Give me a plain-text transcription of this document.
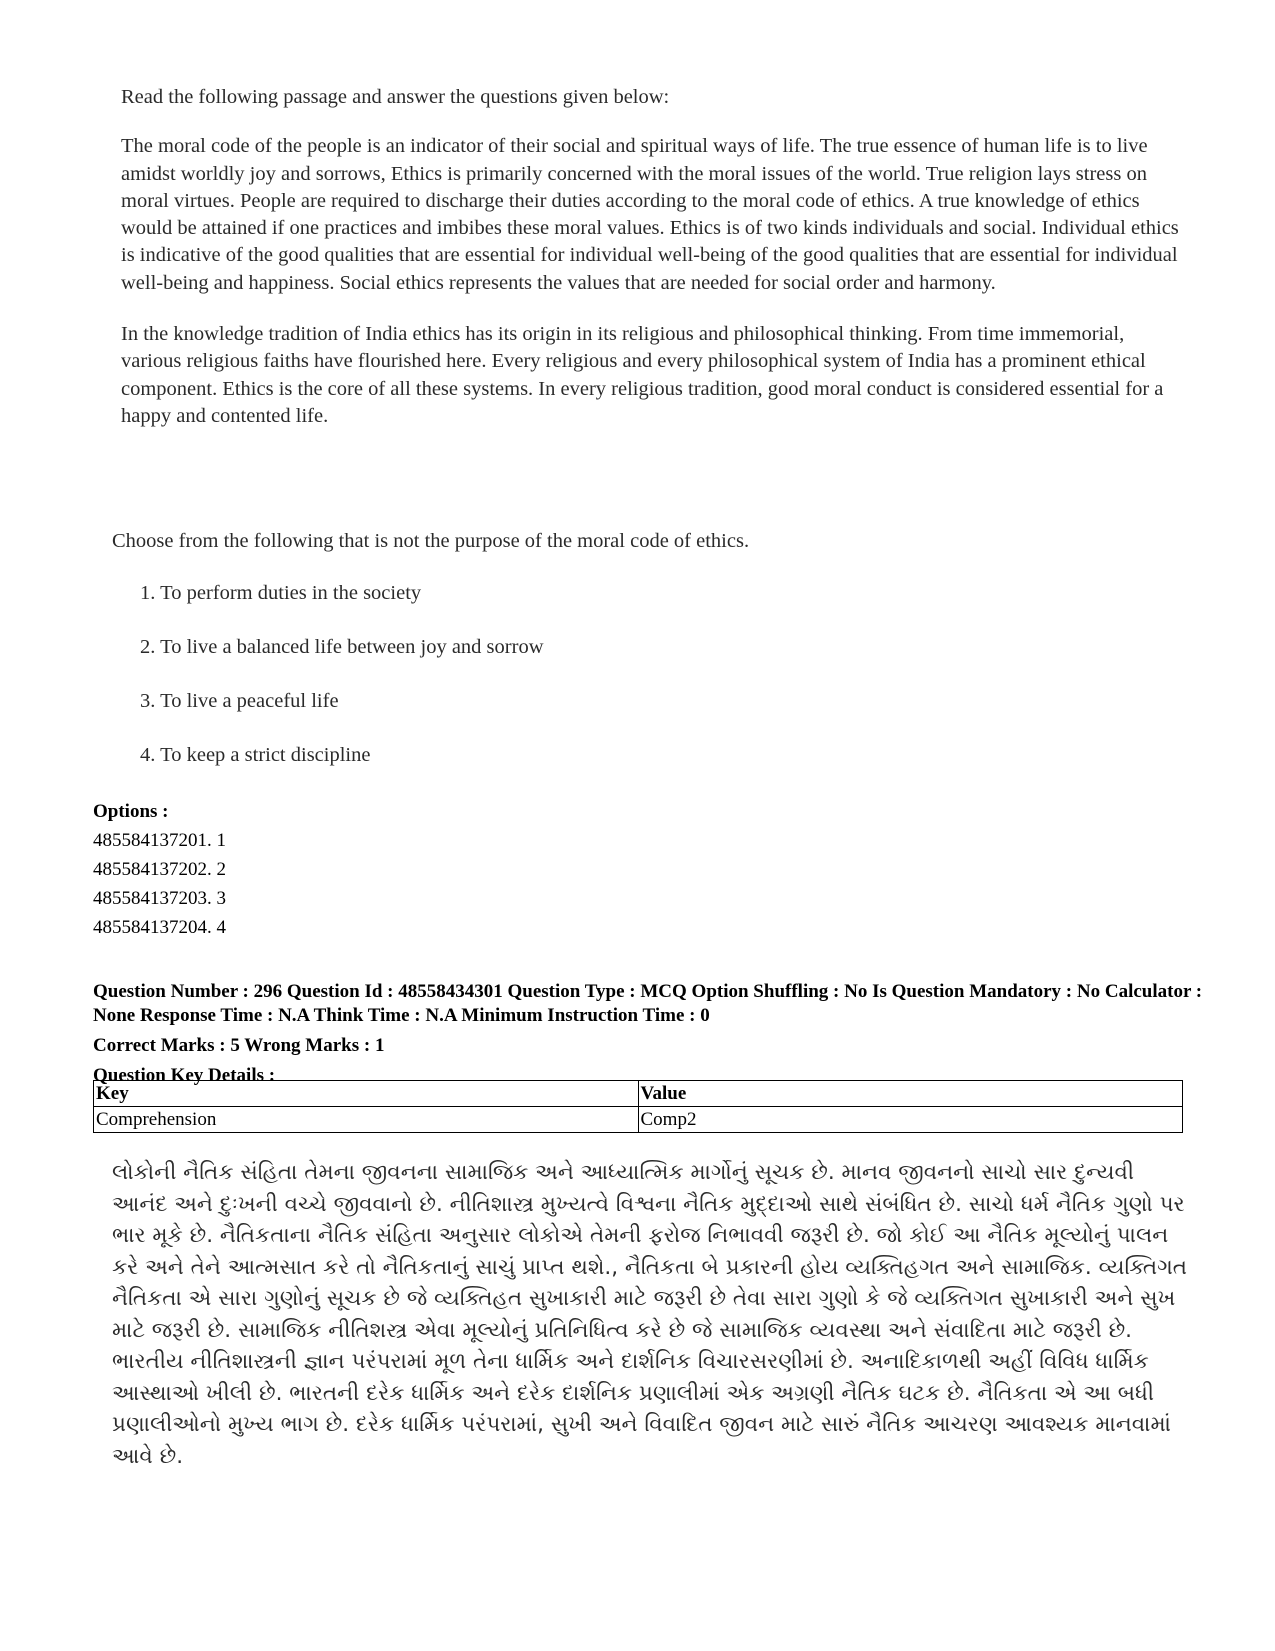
Read the following passage and answer the questions given below:

The moral code of the people is an indicator of their social and spiritual ways of life. The true essence of human life is to live amidst worldly joy and sorrows, Ethics is primarily concerned with the moral issues of the world. True religion lays stress on moral virtues. People are required to discharge their duties according to the moral code of ethics. A true knowledge of ethics would be attained if one practices and imbibes these moral values. Ethics is of two kinds individuals and social. Individual ethics is indicative of the good qualities that are essential for individual well-being of the good qualities that are essential for individual well-being and happiness. Social ethics represents the values that are needed for social order and harmony.

In the knowledge tradition of India ethics has its origin in its religious and philosophical thinking. From time immemorial, various religious faiths have flourished here. Every religious and every philosophical system of India has a prominent ethical component. Ethics is the core of all these systems. In every religious tradition, good moral conduct is considered essential for a happy and contented life.

Choose from the following that is not the purpose of the moral code of ethics.
1. To perform duties in the society
2. To live a balanced life between joy and sorrow
3. To live a peaceful life
4. To keep a strict discipline
Options :
485584137201. 1
485584137202. 2
485584137203. 3
485584137204. 4
Question Number : 296 Question Id : 48558434301 Question Type : MCQ Option Shuffling : No Is Question Mandatory : No Calculator : None Response Time : N.A Think Time : N.A Minimum Instruction Time : 0
Correct Marks : 5 Wrong Marks : 1
Question Key Details :
Key	Value
Comprehension	Comp2

લોકોની નૈતિક સંહિતા તેમના જીવનના સામાજિક અને આધ્યાત્મિક માર્ગોનું સૂચક છે. માનવ જીવનનો સાચો સાર દુન્યવી આનંદ અને દુઃખની વચ્ચે જીવવાનો છે. નીતિશાસ્ત્ર મુખ્યત્વે વિશ્વના નૈતિક મુદ્દાઓ સાથે સંબંધિત છે. સાચો ધર્મ નૈતિક ગુણો પર ભાર મૂકે છે. નૈતિકતાના નૈતિક સંહિતા અનુસાર લોકોએ તેમની ફરોજ નિભાવવી જરૂરી છે. જો કોઈ આ નૈતિક મૂલ્યોનું પાલન કરે અને તેને આત્મસાત કરે તો નૈતિકતાનું સાચું પ્રાપ્ત થશે., નૈતિકતા બે પ્રકારની હોય વ્યક્તિહગત અને સામાજિક. વ્યક્તિગત નૈતિકતા એ સારા ગુણોનું સૂચક છે જે વ્યક્તિહત સુખાકારી માટે જરૂરી છે તેવા સારા ગુણો કે જે વ્યક્તિગત સુખાકારી અને સુખ માટે જરૂરી છે. સામાજિક નીતિશસ્ત્ર એવા મૂલ્યોનું પ્રતિનિધિત્વ કરે છે જે સામાજિક વ્યવસ્થા અને સંવાદિતા માટે જરૂરી છે.

ભારતીય નીતિશાસ્ત્રની જ્ઞાન પરંપરામાં મૂળ તેના ધાર્મિક અને દાર્શનિક વિચારસરણીમાં છે. અનાદિકાળથી અહીં વિવિધ ધાર્મિક આસ્થાઓ ખીલી છે. ભારતની દરેક ધાર્મિક અને દરેક દાર્શનિક પ્રણાલીમાં એક અગ્રણી નૈતિક ઘટક છે. નૈતિકતા એ આ બધી પ્રણાલીઓનો મુખ્ય ભાગ છે. દરેક ધાર્મિક પરંપરામાં, સુખી અને વિવાદિત જીવન માટે સારું નૈતિક આચરણ આવશ્યક માનવામાં આવે છે.
